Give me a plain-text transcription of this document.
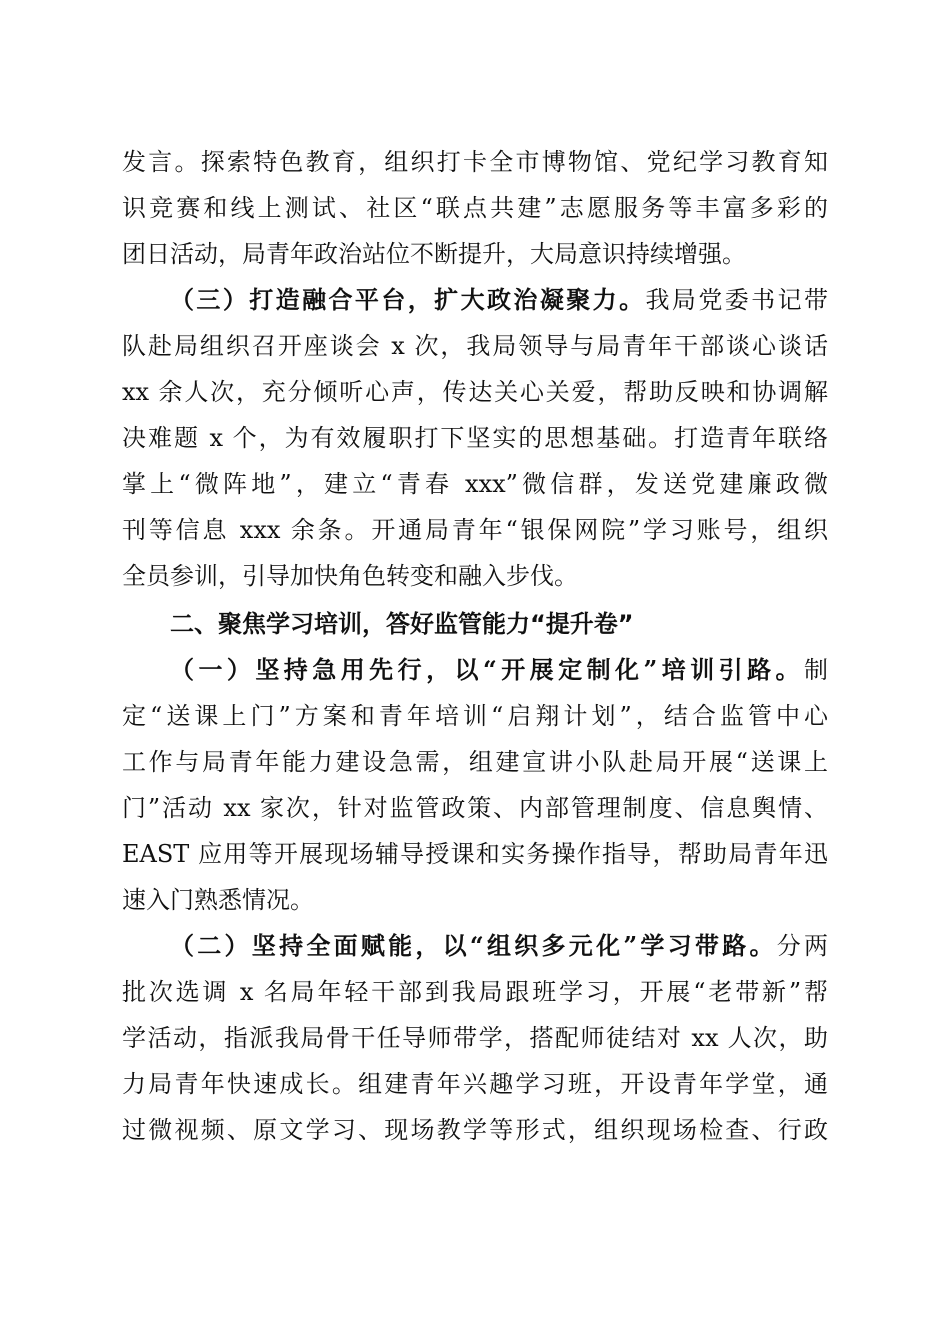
发言。探索特色教育，组织打卡全市博物馆、党纪学习教育知
识竞赛和线上测试、社区“联点共建”志愿服务等丰富多彩的
团日活动，局青年政治站位不断提升，大局意识持续增强。
（三）打造融合平台，扩大政治凝聚力。我局党委书记带
队赴局组织召开座谈会 x 次，我局领导与局青年干部谈心谈话
xx 余人次，充分倾听心声，传达关心关爱，帮助反映和协调解
决难题 x 个，为有效履职打下坚实的思想基础。打造青年联络
掌上“微阵地”，建立“青春 xxx”微信群，发送党建廉政微
刊等信息 xxx 余条。开通局青年“银保网院”学习账号，组织
全员参训，引导加快角色转变和融入步伐。
二、聚焦学习培训，答好监管能力“提升卷”
（一）坚持急用先行，以“开展定制化”培训引路。制
定“送课上门”方案和青年培训“启翔计划”，结合监管中心
工作与局青年能力建设急需，组建宣讲小队赴局开展“送课上
门”活动 xx 家次，针对监管政策、内部管理制度、信息舆情、
EAST 应用等开展现场辅导授课和实务操作指导，帮助局青年迅
速入门熟悉情况。
（二）坚持全面赋能，以“组织多元化”学习带路。分两
批次选调 x 名局年轻干部到我局跟班学习，开展“老带新”帮
学活动，指派我局骨干任导师带学，搭配师徒结对 xx 人次，助
力局青年快速成长。组建青年兴趣学习班，开设青年学堂，通
过微视频、原文学习、现场教学等形式，组织现场检查、行政
